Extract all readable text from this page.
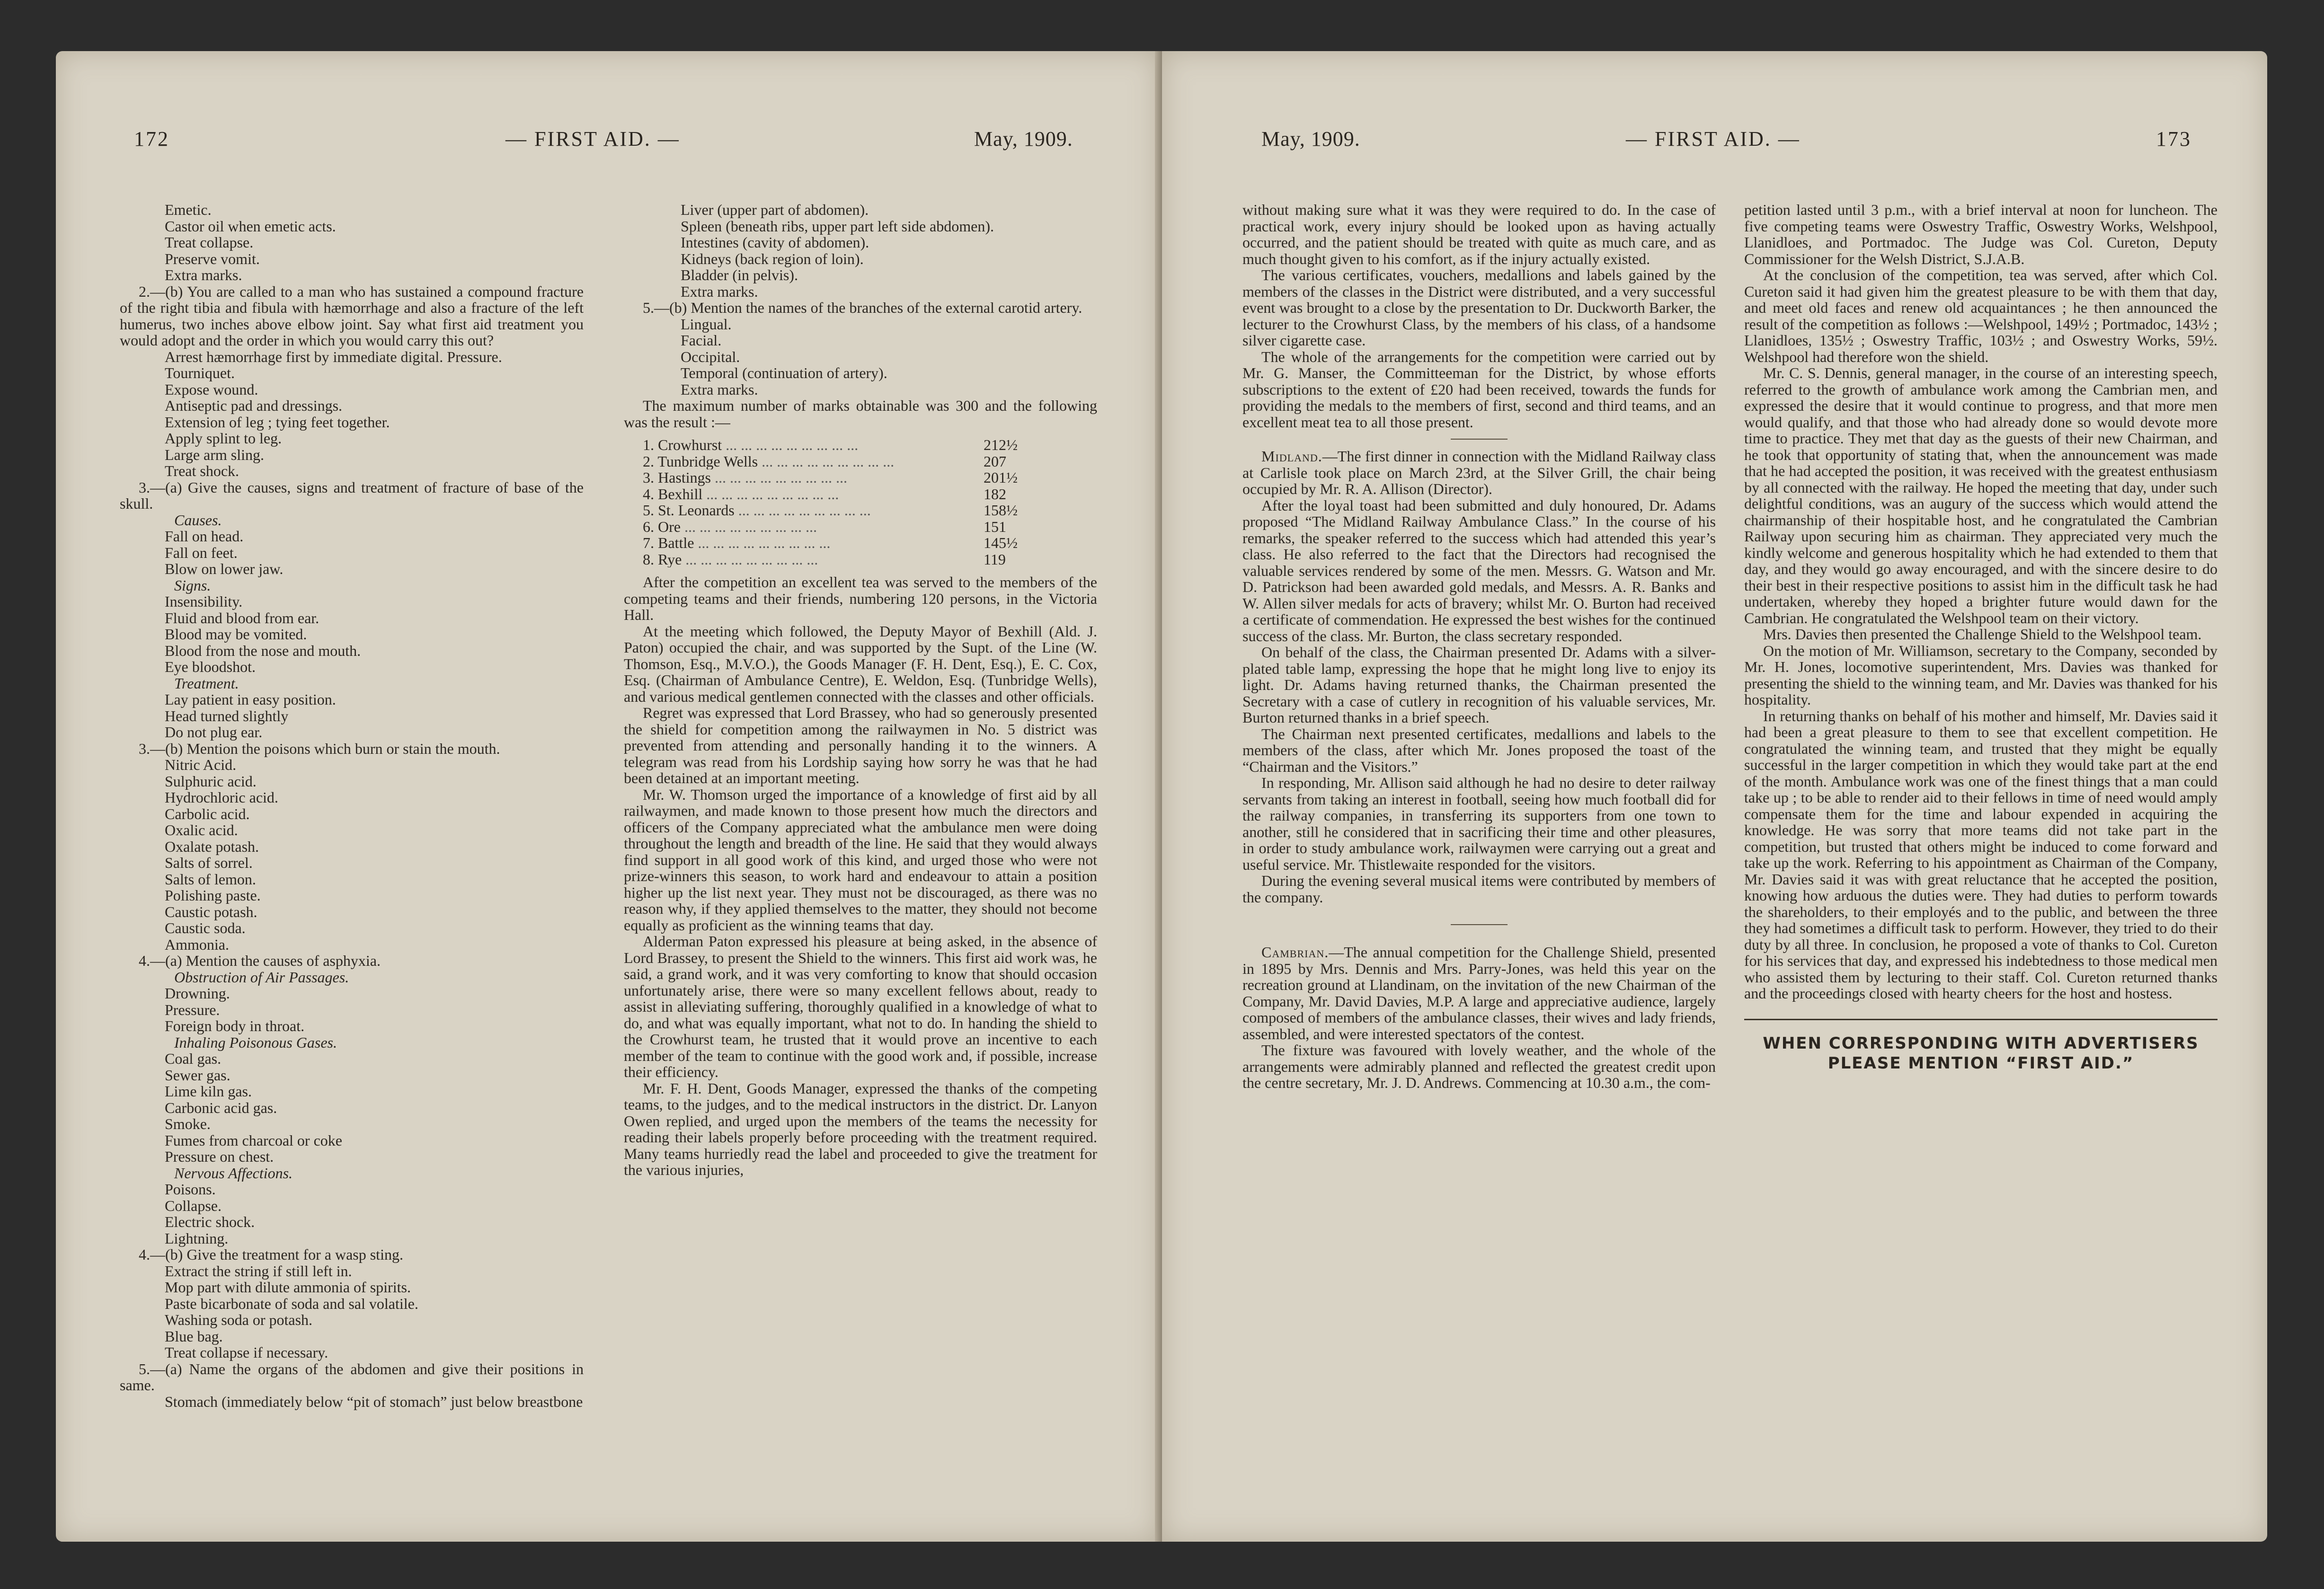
172	— FIRST AID. —	May, 1909.

Emetic.

Castor oil when emetic acts.

Treat collapse.

Preserve vomit.

Extra marks.

2.—(b) You are called to a man who has sustained a compound fracture of the right tibia and fibula with hæmorrhage and also a fracture of the left humerus, two inches above elbow joint. Say what first aid treatment you would adopt and the order in which you would carry this out?

Arrest hæmorrhage first by immediate digital. Pressure.

Tourniquet.

Expose wound.

Antiseptic pad and dressings.

Extension of leg ; tying feet together.

Apply splint to leg.

Large arm sling.

Treat shock.

3.—(a) Give the causes, signs and treatment of fracture of base of the skull.

Causes.

Fall on head.

Fall on feet.

Blow on lower jaw.

Signs.

Insensibility.

Fluid and blood from ear.

Blood may be vomited.

Blood from the nose and mouth.

Eye bloodshot.

Treatment.

Lay patient in easy position.

Head turned slightly

Do not plug ear.

3.—(b) Mention the poisons which burn or stain the mouth.

Nitric Acid.

Sulphuric acid.

Hydrochloric acid.

Carbolic acid.

Oxalic acid.

Oxalate potash.

Salts of sorrel.

Salts of lemon.

Polishing paste.

Caustic potash.

Caustic soda.

Ammonia.

4.—(a) Mention the causes of asphyxia.

Obstruction of Air Passages.

Drowning.

Pressure.

Foreign body in throat.

Inhaling Poisonous Gases.

Coal gas.

Sewer gas.

Lime kiln gas.

Carbonic acid gas.

Smoke.

Fumes from charcoal or coke

Pressure on chest.

Nervous Affections.

Poisons.

Collapse.

Electric shock.

Lightning.

4.—(b) Give the treatment for a wasp sting.

Extract the string if still left in.

Mop part with dilute ammonia of spirits.

Paste bicarbonate of soda and sal volatile.

Washing soda or potash.

Blue bag.

Treat collapse if necessary.

5.—(a) Name the organs of the abdomen and give their positions in same.

Stomach (immediately below “pit of stomach” just below breastbone

Liver (upper part of abdomen).

Spleen (beneath ribs, upper part left side abdomen).

Intestines (cavity of abdomen).

Kidneys (back region of loin).

Bladder (in pelvis).

Extra marks.

5.—(b) Mention the names of the branches of the external carotid artery.

Lingual.

Facial.

Occipital.

Temporal (continuation of artery).

Extra marks.

The maximum number of marks obtainable was 300 and the following was the result :—

1. Crowhurst ... .	212½
2. Tunbridge Wells ... .	207
3. Hastings ... .	201½
4. Bexhill ... .	182
5. St. Leonards ... .	158½
6. Ore ... .	151
7. Battle ... .	145½
8. Rye ... .	119

After the competition an excellent tea was served to the members of the competing teams and their friends, numbering 120 persons, in the Victoria Hall.

At the meeting which followed, the Deputy Mayor of Bexhill (Ald. J. Paton) occupied the chair, and was supported by the Supt. of the Line (W. Thomson, Esq., M.V.O.), the Goods Manager (F. H. Dent, Esq.), E. C. Cox, Esq. (Chairman of Ambulance Centre), E. Weldon, Esq. (Tunbridge Wells), and various medical gentlemen connected with the classes and other officials.

Regret was expressed that Lord Brassey, who had so generously presented the shield for competition among the railwaymen in No. 5 district was prevented from attending and personally handing it to the winners. A telegram was read from his Lordship saying how sorry he was that he had been detained at an important meeting.

Mr. W. Thomson urged the importance of a knowledge of first aid by all railwaymen, and made known to those present how much the directors and officers of the Company appreciated what the ambulance men were doing throughout the length and breadth of the line. He said that they would always find support in all good work of this kind, and urged those who were not prize-winners this season, to work hard and endeavour to attain a position higher up the list next year. They must not be discouraged, as there was no reason why, if they applied themselves to the matter, they should not become equally as proficient as the winning teams that day.

Alderman Paton expressed his pleasure at being asked, in the absence of Lord Brassey, to present the Shield to the winners. This first aid work was, he said, a grand work, and it was very comforting to know that should occasion unfortunately arise, there were so many excellent fellows about, ready to assist in alleviating suffering, thoroughly qualified in a knowledge of what to do, and what was equally important, what not to do. In handing the shield to the Crowhurst team, he trusted that it would prove an incentive to each member of the team to continue with the good work and, if possible, increase their efficiency.

Mr. F. H. Dent, Goods Manager, expressed the thanks of the competing teams, to the judges, and to the medical instructors in the district. Dr. Lanyon Owen replied, and urged upon the members of the teams the necessity for reading their labels properly before proceeding with the treatment required. Many teams hurriedly read the label and proceeded to give the treatment for the various injuries,

May, 1909.	— FIRST AID. —	173

without making sure what it was they were required to do. In the case of practical work, every injury should be looked upon as having actually occurred, and the patient should be treated with quite as much care, and as much thought given to his comfort, as if the injury actually existed.

The various certificates, vouchers, medallions and labels gained by the members of the classes in the District were distributed, and a very successful event was brought to a close by the presentation to Dr. Duckworth Barker, the lecturer to the Crowhurst Class, by the members of his class, of a handsome silver cigarette case.

The whole of the arrangements for the competition were carried out by Mr. G. Manser, the Committeeman for the District, by whose efforts subscriptions to the extent of £20 had been received, towards the funds for providing the medals to the members of first, second and third teams, and an excellent meat tea to all those present.

Midland.—The first dinner in connection with the Midland Railway class at Carlisle took place on March 23rd, at the Silver Grill, the chair being occupied by Mr. R. A. Allison (Director).

After the loyal toast had been submitted and duly honoured, Dr. Adams proposed “The Midland Railway Ambulance Class.” In the course of his remarks, the speaker referred to the success which had attended this year’s class. He also referred to the fact that the Directors had recognised the valuable services rendered by some of the men. Messrs. G. Watson and Mr. D. Patrickson had been awarded gold medals, and Messrs. A. R. Banks and W. Allen silver medals for acts of bravery; whilst Mr. O. Burton had received a certificate of commendation. He expressed the best wishes for the continued success of the class. Mr. Burton, the class secretary responded.

On behalf of the class, the Chairman presented Dr. Adams with a silver-plated table lamp, expressing the hope that he might long live to enjoy its light. Dr. Adams having returned thanks, the Chairman presented the Secretary with a case of cutlery in recognition of his valuable services, Mr. Burton returned thanks in a brief speech.

The Chairman next presented certificates, medallions and labels to the members of the class, after which Mr. Jones proposed the toast of the “Chairman and the Visitors.”

In responding, Mr. Allison said although he had no desire to deter railway servants from taking an interest in football, seeing how much football did for the railway companies, in transferring its supporters from one town to another, still he considered that in sacrificing their time and other pleasures, in order to study ambulance work, railwaymen were carrying out a great and useful service. Mr. Thistlewaite responded for the visitors.

During the evening several musical items were contributed by members of the company.

Cambrian.—The annual competition for the Challenge Shield, presented in 1895 by Mrs. Dennis and Mrs. Parry-Jones, was held this year on the recreation ground at Llandinam, on the invitation of the new Chairman of the Company, Mr. David Davies, M.P. A large and appreciative audience, largely composed of members of the ambulance classes, their wives and lady friends, assembled, and were interested spectators of the contest.

The fixture was favoured with lovely weather, and the whole of the arrangements were admirably planned and reflected the greatest credit upon the centre secretary, Mr. J. D. Andrews. Commencing at 10.30 a.m., the com-

petition lasted until 3 p.m., with a brief interval at noon for luncheon. The five competing teams were Oswestry Traffic, Oswestry Works, Welshpool, Llanidloes, and Portmadoc. The Judge was Col. Cureton, Deputy Commissioner for the Welsh District, S.J.A.B.

At the conclusion of the competition, tea was served, after which Col. Cureton said it had given him the greatest pleasure to be with them that day, and meet old faces and renew old acquaintances ; he then announced the result of the competition as follows :—Welshpool, 149½ ; Portmadoc, 143½ ; Llanidloes, 135½ ; Oswestry Traffic, 103½ ; and Oswestry Works, 59½. Welshpool had therefore won the shield.

Mr. C. S. Dennis, general manager, in the course of an interesting speech, referred to the growth of ambulance work among the Cambrian men, and expressed the desire that it would continue to progress, and that more men would qualify, and that those who had already done so would devote more time to practice. They met that day as the guests of their new Chairman, and he took that opportunity of stating that, when the announcement was made that he had accepted the position, it was received with the greatest enthusiasm by all connected with the railway. He hoped the meeting that day, under such delightful conditions, was an augury of the success which would attend the chairmanship of their hospitable host, and he congratulated the Cambrian Railway upon securing him as chairman. They appreciated very much the kindly welcome and generous hospitality which he had extended to them that day, and they would go away encouraged, and with the sincere desire to do their best in their respective positions to assist him in the difficult task he had undertaken, whereby they hoped a brighter future would dawn for the Cambrian. He congratulated the Welshpool team on their victory.

Mrs. Davies then presented the Challenge Shield to the Welshpool team.

On the motion of Mr. Williamson, secretary to the Company, seconded by Mr. H. Jones, locomotive superintendent, Mrs. Davies was thanked for presenting the shield to the winning team, and Mr. Davies was thanked for his hospitality.

In returning thanks on behalf of his mother and himself, Mr. Davies said it had been a great pleasure to them to see that excellent competition. He congratulated the winning team, and trusted that they might be equally successful in the larger competition in which they would take part at the end of the month. Ambulance work was one of the finest things that a man could take up ; to be able to render aid to their fellows in time of need would amply compensate them for the time and labour expended in acquiring the knowledge. He was sorry that more teams did not take part in the competition, but trusted that others might be induced to come forward and take up the work. Referring to his appointment as Chairman of the Company, Mr. Davies said it was with great reluctance that he accepted the position, knowing how arduous the duties were. They had duties to perform towards the shareholders, to their employés and to the public, and between the three they had sometimes a difficult task to perform. However, they tried to do their duty by all three. In conclusion, he proposed a vote of thanks to Col. Cureton for his services that day, and expressed his indebtedness to those medical men who assisted them by lecturing to their staff. Col. Cureton returned thanks and the proceedings closed with hearty cheers for the host and hostess.

WHEN CORRESPONDING WITH ADVERTISERS PLEASE MENTION “FIRST AID.”
